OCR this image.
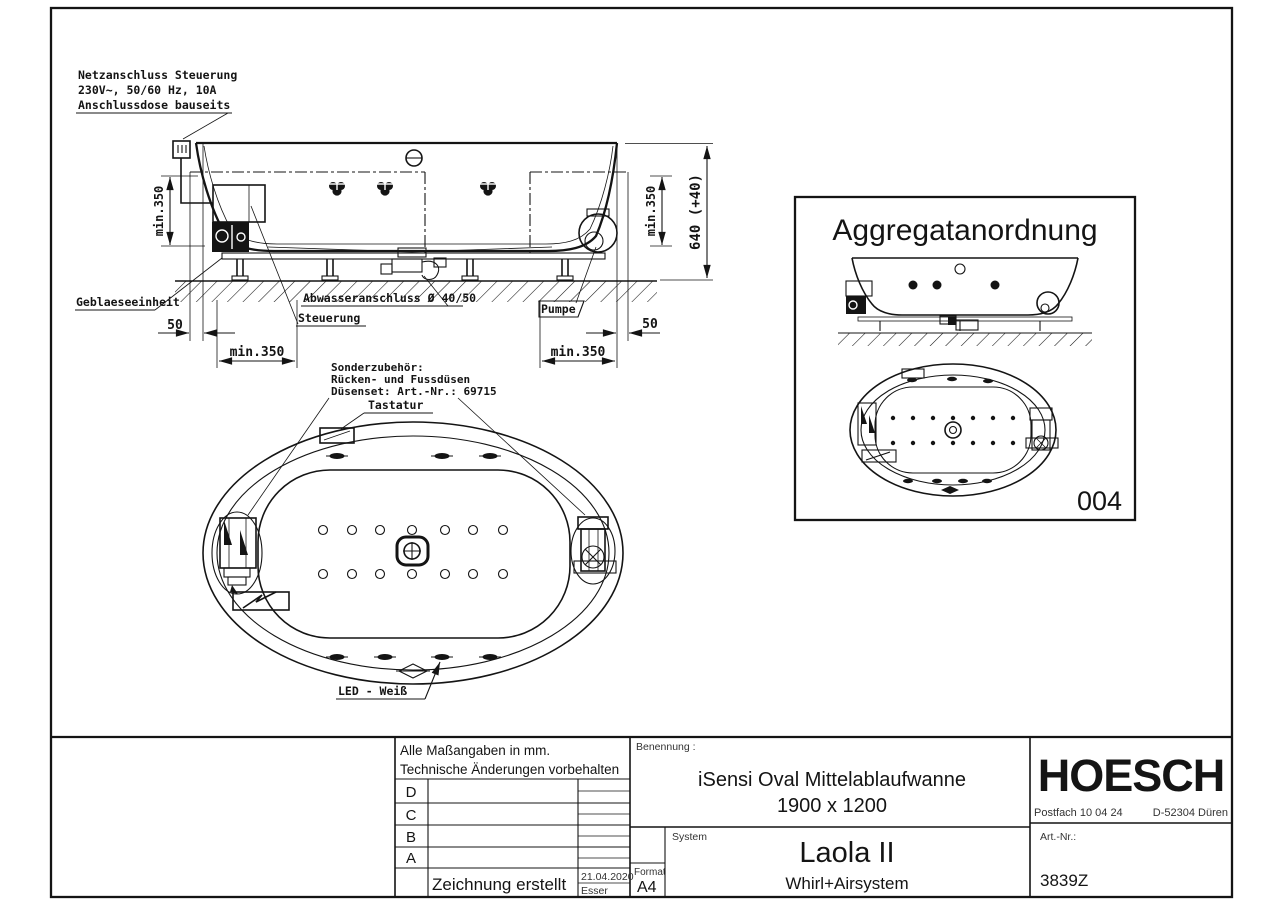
min.350	min.350 640 (+40)
50	50
min.350	min.350
Netzanschluss Steuerung
230V~, 50/60 Hz, 10A
Anschlussdose bauseits
Geblaeseeinheit	Abwasseranschluss Ø 40/50
Steuerung
Pumpe
Sonderzubehör:
Rücken- und Fussdüsen
Düsenset: Art.-Nr.: 69715
Tastatur
LED - Weiß
Aggregatanordnung
004
Alle Maßangaben in mm.
Technische Änderungen vorbehalten
D
C
B
A
Zeichnung erstellt 21.04.2020
Esser
Benennung :
iSensi Oval Mittelablaufwanne
1900 x 1200
Format
A4
System	Laola II
Whirl+Airsystem
HOESCH
Postfach 10 04 24	D-52304 Düren
Art.-Nr.:
3839Z
